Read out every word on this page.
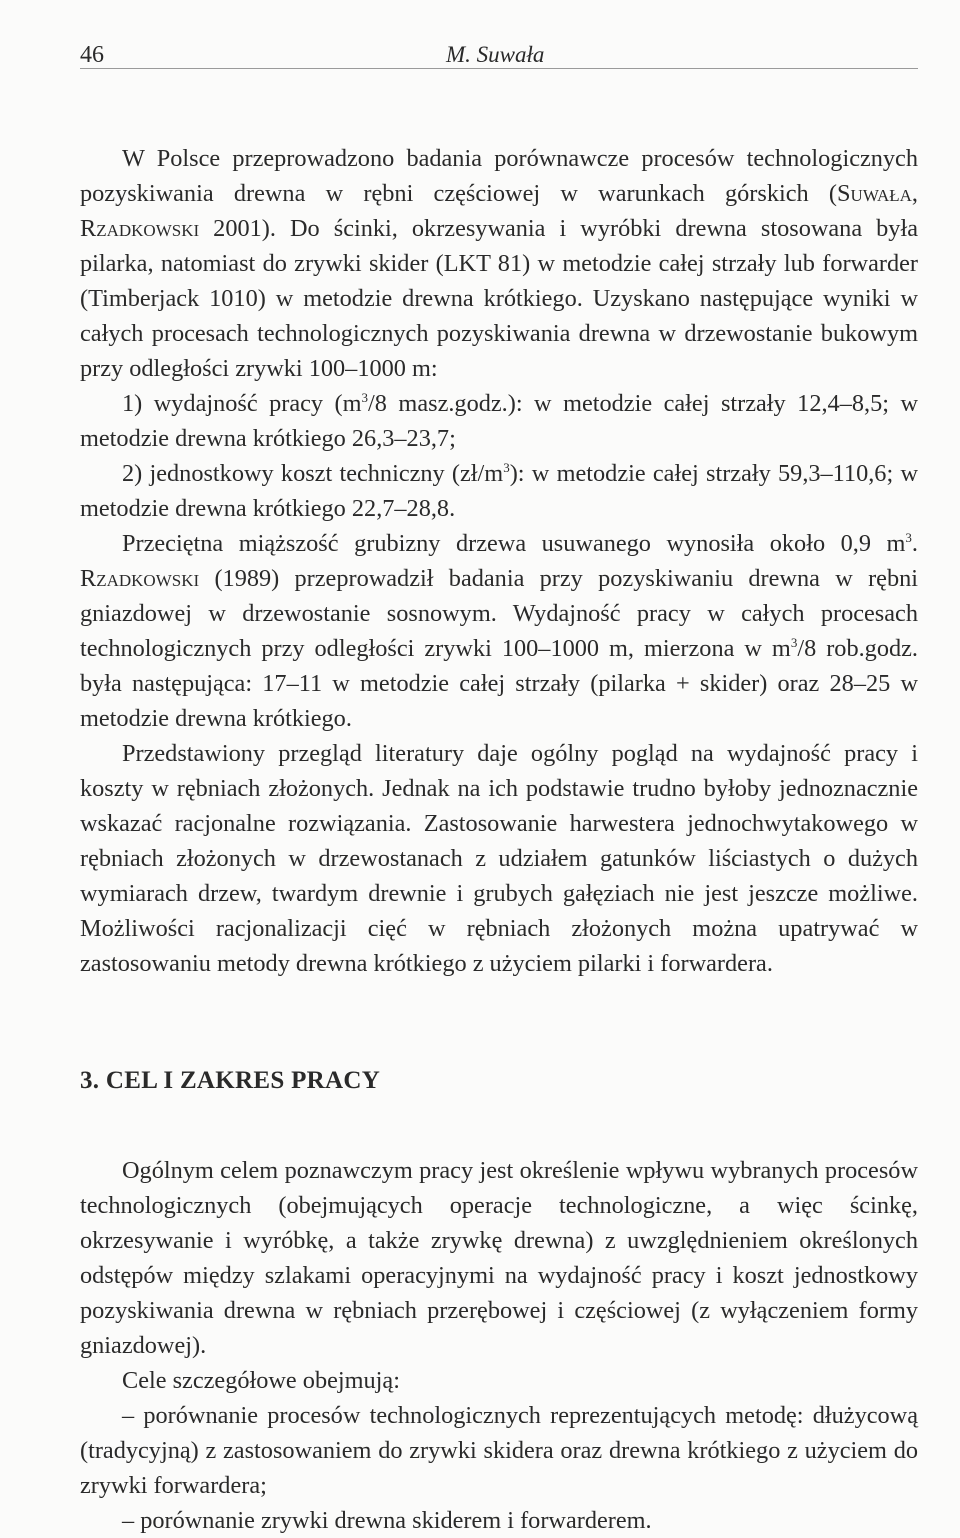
46	M. Suwała

W Polsce przeprowadzono badania porównawcze procesów technologicznych pozyskiwania drewna w rębni częściowej w warunkach górskich (Suwała, Rzadkowski 2001). Do ścinki, okrzesywania i wyróbki drewna stosowana była pilarka, natomiast do zrywki skider (LKT 81) w metodzie całej strzały lub forwarder (Timberjack 1010) w metodzie drewna krótkiego. Uzyskano następujące wyniki w całych procesach technologicznych pozyskiwania drewna w drzewostanie bukowym przy odległości zrywki 100–1000 m:

1) wydajność pracy ($m^3/8$ masz.godz.): w metodzie całej strzały 12,4–8,5; w metodzie drewna krótkiego 26,3–23,7;

2) jednostkowy koszt techniczny $(zł/m^3)$: w metodzie całej strzały 59,3–110,6; w metodzie drewna krótkiego 22,7–28,8.

Przeciętna miąższość grubizny drzewa usuwanego wynosiła około 0,9 $m^3$. Rzadkowski (1989) przeprowadził badania przy pozyskiwaniu drewna w rębni gniazdowej w drzewostanie sosnowym. Wydajność pracy w całych procesach technologicznych przy odległości zrywki 100–1000 m, mierzona w $m^3/8$ rob.godz. była następująca: 17–11 w metodzie całej strzały (pilarka + skider) oraz 28–25 w metodzie drewna krótkiego.

Przedstawiony przegląd literatury daje ogólny pogląd na wydajność pracy i koszty w rębniach złożonych. Jednak na ich podstawie trudno byłoby jednoznacznie wskazać racjonalne rozwiązania. Zastosowanie harwestera jednochwytakowego w rębniach złożonych w drzewostanach z udziałem gatunków liściastych o dużych wymiarach drzew, twardym drewnie i grubych gałęziach nie jest jeszcze możliwe. Możliwości racjonalizacji cięć w rębniach złożonych można upatrywać w zastosowaniu metody drewna krótkiego z użyciem pilarki i forwardera.

3. CEL I ZAKRES PRACY

Ogólnym celem poznawczym pracy jest określenie wpływu wybranych procesów technologicznych (obejmujących operacje technologiczne, a więc ścinkę, okrzesywanie i wyróbkę, a także zrywkę drewna) z uwzględnieniem określonych odstępów między szlakami operacyjnymi na wydajność pracy i koszt jednostkowy pozyskiwania drewna w rębniach przerębowej i częściowej (z wyłączeniem formy gniazdowej).

Cele szczegółowe obejmują:

– porównanie procesów technologicznych reprezentujących metodę: dłużycową (tradycyjną) z zastosowaniem do zrywki skidera oraz drewna krótkiego z użyciem do zrywki forwardera;

– porównanie zrywki drewna skiderem i forwarderem.
